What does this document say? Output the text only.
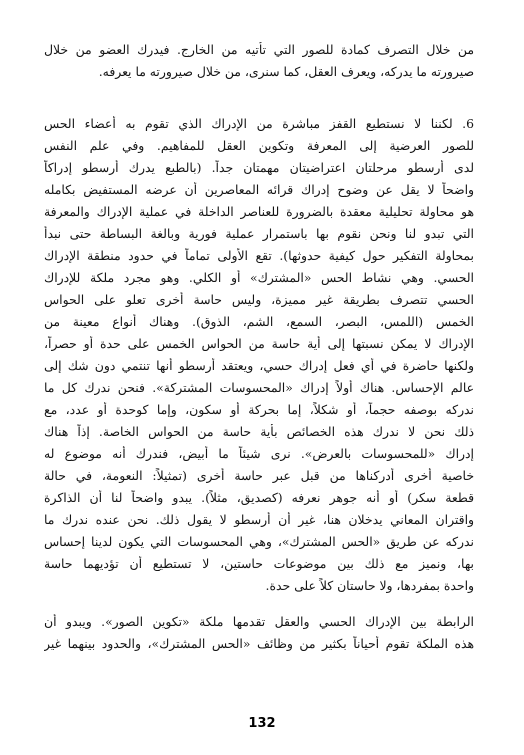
من خلال التصرف كمادة للصور التي تأتيه من الخارج. فيدرك العضو من خلال
صيرورته ما يدركه، ويعرف العقل، كما سنرى، من خلال صيرورته ما يعرفه.
6. لكننا لا نستطيع القفز مباشرة من الإدراك الذي تقوم به أعضاء الحس
للصور العرضية إلى المعرفة وتكوين العقل للمفاهيم. وفي علم النفس
لدى أرسطو مرحلتان اعتراضيتان مهمتان جداً. (بالطبع يدرك أرسطو إدراكاً
واضحاً لا يقل عن وضوح إدراك قرائه المعاصرين أن عرضه المستفيض بكامله
هو محاولة تحليلية معقدة بالضرورة للعناصر الداخلة في عملية الإدراك والمعرفة
التي تبدو لنا ونحن نقوم بها باستمرار عملية فورية وبالغة البساطة حتى نبدأ
بمحاولة التفكير حول كيفية حدوثها). تقع الأولى تماماً في حدود منطقة الإدراك
الحسي. وهي نشاط الحس «المشترك» أو الكلي. وهو مجرد ملكة للإدراك
الحسي تتصرف بطريقة غير مميزة، وليس حاسة أخرى تعلو على الحواس
الخمس (اللمس، البصر، السمع، الشم، الذوق). وهناك أنواع معينة من
الإدراك لا يمكن نسبتها إلى أية حاسة من الحواس الخمس على حدة أو حصراً،
ولكنها حاضرة في أي فعل إدراك حسي، ويعتقد أرسطو أنها تنتمي دون شك إلى
عالم الإحساس. هناك أولاً إدراك «المحسوسات المشتركة». فنحن ندرك كل ما
ندركه بوصفه حجماً، أو شكلاً، إما بحركة أو سكون، وإما كوحدة أو عدد، مع
ذلك نحن لا ندرك هذه الخصائص بأية حاسة من الحواس الخاصة. إذاً هناك
إدراك «للمحسوسات بالعرض». نرى شيئاً ما أبيض، فندرك أنه موضوع له
خاصية أخرى أدركناها من قبل عبر حاسة أخرى (تمثيلاً: النعومة، في حالة
قطعة سكر) أو أنه جوهر نعرفه (كصديق، مثلاً). يبدو واضحاً لنا أن الذاكرة
واقتران المعاني يدخلان هنا، غير أن أرسطو لا يقول ذلك. نحن عنده ندرك ما
ندركه عن طريق «الحس المشترك»، وهي المحسوسات التي يكون لدينا إحساس
بها، ونميز مع ذلك بين موضوعات حاستين، لا تستطيع أن تؤديهما حاسة
واحدة بمفردها، ولا حاستان كلاً على حدة.
الرابطة بين الإدراك الحسي والعقل تقدمها ملكة «تكوين الصور». ويبدو أن
هذه الملكة تقوم أحياناً بكثير من وظائف «الحس المشترك»، والحدود بينهما غير
132
